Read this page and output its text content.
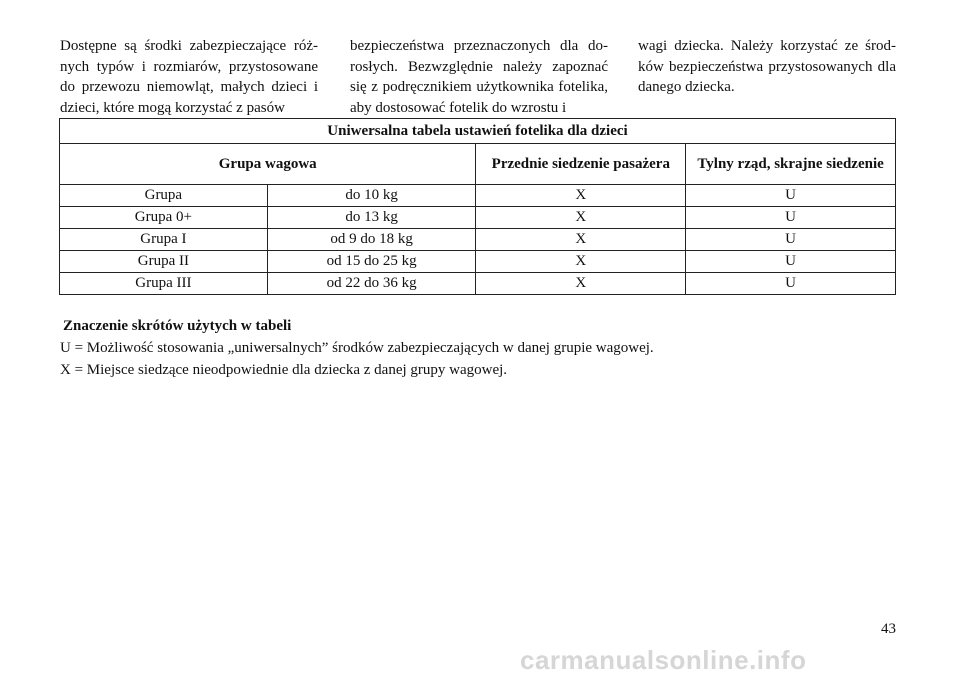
Dostępne są środki zabezpieczające różnych typów i rozmiarów, przystosowane do przewozu niemowląt, małych dzieci i dzieci, które mogą korzystać z pasów
bezpieczeństwa przeznaczonych dla dorosłych. Bezwzględnie należy zapoznać się z podręcznikiem użytkownika fotelika, aby dostosować fotelik do wzrostu i
wagi dziecka. Należy korzystać ze środków bezpieczeństwa przystosowanych dla danego dziecka.
Uniwersalna tabela ustawień fotelika dla dzieci			
Grupa wagowa		Przednie siedzenie pasażera	Tylny rząd, skrajne siedzenie
Grupa	do 10 kg	X	U
Grupa 0+	do 13 kg	X	U
Grupa I	od 9 do 18 kg	X	U
Grupa II	od 15 do 25 kg	X	U
Grupa III	od 22 do 36 kg	X	U
Znaczenie skrótów użytych w tabeli
U = Możliwość stosowania „uniwersalnych” środków zabezpieczających w danej grupie wagowej.
X = Miejsce siedzące nieodpowiednie dla dziecka z danej grupy wagowej.
43
carmanualsonline.info
